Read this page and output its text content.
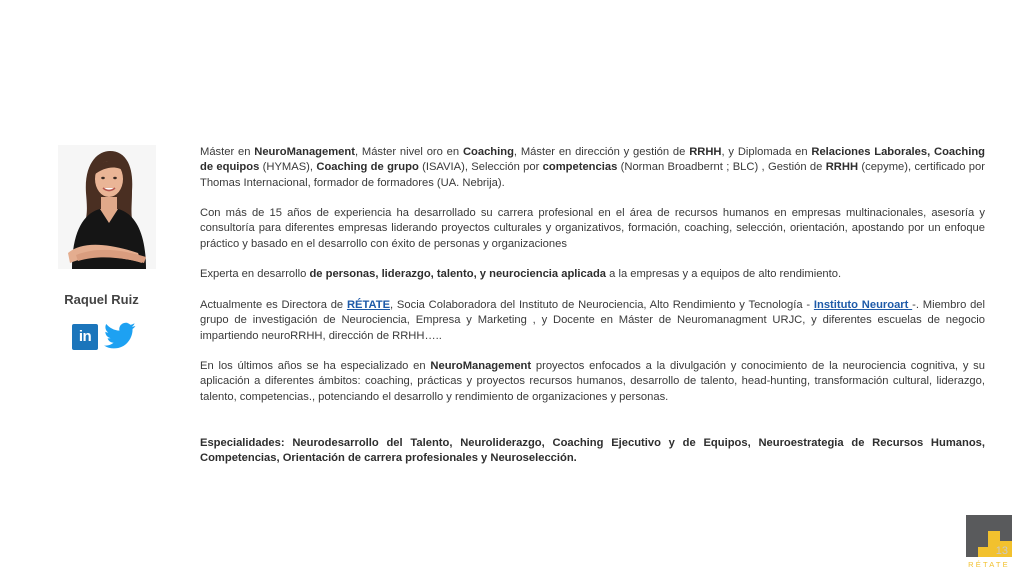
Raquel Ruiz
in

Máster en NeuroManagement, Máster nivel oro en Coaching, Máster en dirección y gestión de RRHH, y Diplomada en Relaciones Laborales, Coaching de equipos (HYMAS), Coaching de grupo (ISAVIA), Selección por competencias (Norman Broadbernt ; BLC) , Gestión de RRHH (cepyme), certificado por Thomas Internacional, formador de formadores (UA. Nebrija).

Con más de 15 años de experiencia ha desarrollado su carrera profesional en el área de recursos humanos en empresas multinacionales, asesoría y consultoría para diferentes empresas liderando proyectos culturales y organizativos, formación, coaching, selección, orientación, apostando por un enfoque práctico y basado en el desarrollo con éxito de personas y organizaciones

Experta en desarrollo de personas, liderazgo, talento, y neurociencia aplicada a la empresas y a equipos de alto rendimiento.

Actualmente es Directora de RÉTATE, Socia Colaboradora del Instituto de Neurociencia, Alto Rendimiento y Tecnología - Instituto Neuroart -. Miembro del grupo de investigación de Neurociencia, Empresa y Marketing , y Docente en Máster de Neuromanagment URJC, y diferentes escuelas de negocio impartiendo neuroRRHH, dirección de RRHH…..

En los últimos años se ha especializado en NeuroManagement proyectos enfocados a la divulgación y conocimiento de la neurociencia cognitiva, y su aplicación a diferentes ámbitos: coaching, prácticas y proyectos recursos humanos, desarrollo de talento, head-hunting, transformación cultural, liderazgo, talento, competencias., potenciando el desarrollo y rendimiento de organizaciones y personas.

Especialidades: Neurodesarrollo del Talento, Neuroliderazgo, Coaching Ejecutivo y de Equipos, Neuroestrategia de Recursos Humanos, Competencias, Orientación de carrera profesionales y Neuroselección.

RÉTATE
13
